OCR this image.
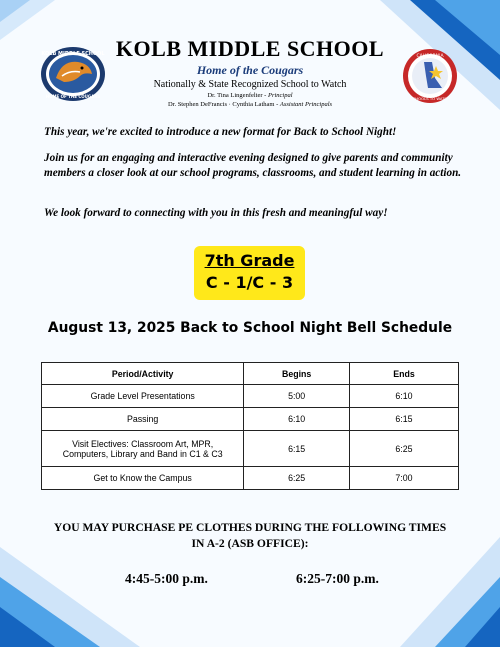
KOLB MIDDLE SCHOOL
HOME OF THE COUGARS
CALIFORNIA
SCHOOLS TO WATCH
KOLB MIDDLE SCHOOL
Home of the Cougars
Nationally & State Recognized School to Watch
Dr. Tina Lingenfelter - Principal
Dr. Stephen DeFrancis · Cynthia Latham - Assistant Principals
This year, we're excited to introduce a new format for Back to School Night!
Join us for an engaging and interactive evening designed to give parents and community members a closer look at our school programs, classrooms, and student learning in action.
We look forward to connecting with you in this fresh and meaningful way!
7th Grade
C - 1/C - 3
August 13, 2025 Back to School Night Bell Schedule
Period/Activity	Begins	Ends
Grade Level Presentations	5:00	6:10
Passing	6:10	6:15

Visit Electives: Classroom Art, MPR,
Computers, Library and Band in C1 & C3	6:15	6:25
Get to Know the Campus	6:25	7:00
YOU MAY PURCHASE PE CLOTHES DURING THE FOLLOWING TIMES
IN A-2 (ASB OFFICE):
4:45-5:00 p.m.	6:25-7:00 p.m.
